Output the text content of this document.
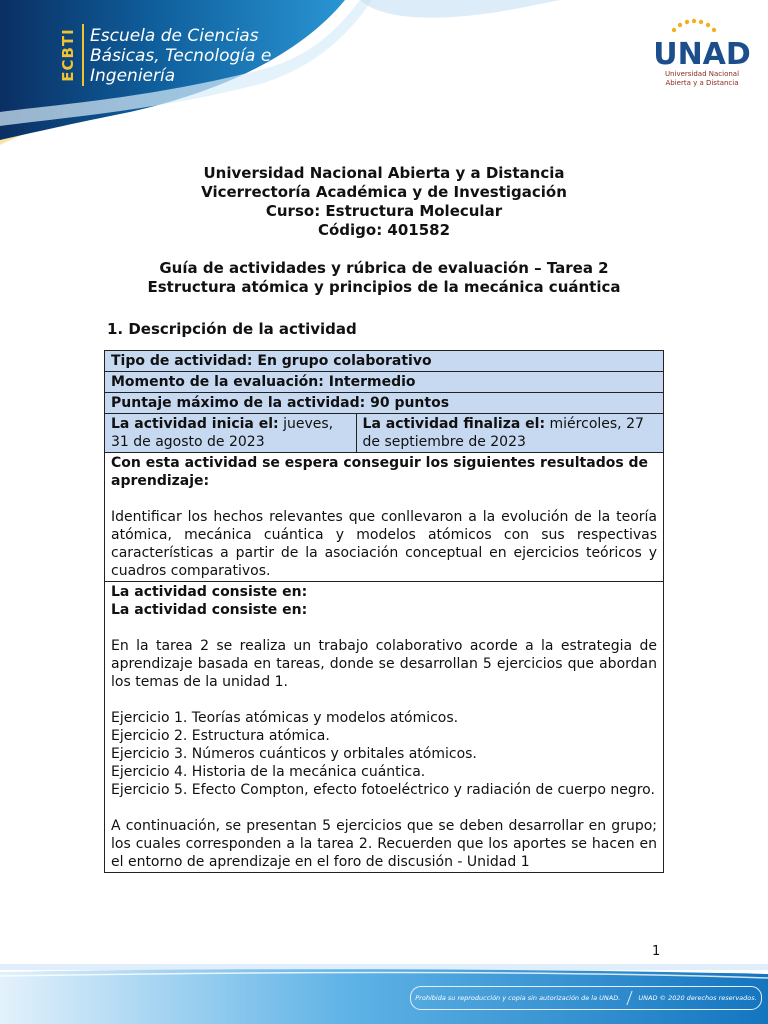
ECBTI Escuela de Ciencias
Básicas, Tecnología e
Ingeniería
UNAD
Universidad Nacional
Abierta y a Distancia
Universidad Nacional Abierta y a Distancia
Vicerrectoría Académica y de Investigación
Curso: Estructura Molecular
Código: 401582
Guía de actividades y rúbrica de evaluación – Tarea 2
Estructura atómica y principios de la mecánica cuántica
1. Descripción de la actividad
Tipo de actividad: En grupo colaborativo
Momento de la evaluación: Intermedio
Puntaje máximo de la actividad: 90 puntos
La actividad inicia el: jueves, 31 de agosto de 2023	La actividad finaliza el: miércoles, 27 de septiembre de 2023

Con esta actividad se espera conseguir los siguientes resultados de aprendizaje:
Identificar los hechos relevantes que conllevaron a la evolución de la teoría atómica, mecánica cuántica y modelos atómicos con sus respectivas características a partir de la asociación conceptual en ejercicios teóricos y cuadros comparativos.

La actividad consiste en:
La actividad consiste en:
En la tarea 2 se realiza un trabajo colaborativo acorde a la estrategia de aprendizaje basada en tareas, donde se desarrollan 5 ejercicios que abordan los temas de la unidad 1.
Ejercicio 1. Teorías atómicas y modelos atómicos.
Ejercicio 2. Estructura atómica.
Ejercicio 3. Números cuánticos y orbitales atómicos.
Ejercicio 4. Historia de la mecánica cuántica.
Ejercicio 5. Efecto Compton, efecto fotoeléctrico y radiación de cuerpo negro.
A continuación, se presentan 5 ejercicios que se deben desarrollar en grupo; los cuales corresponden a la tarea 2. Recuerden que los aportes se hacen en el entorno de aprendizaje en el foro de discusión - Unidad 1
1
Prohibida su reproducción y copia sin autorización de la UNAD.	UNAD © 2020 derechos reservados.
